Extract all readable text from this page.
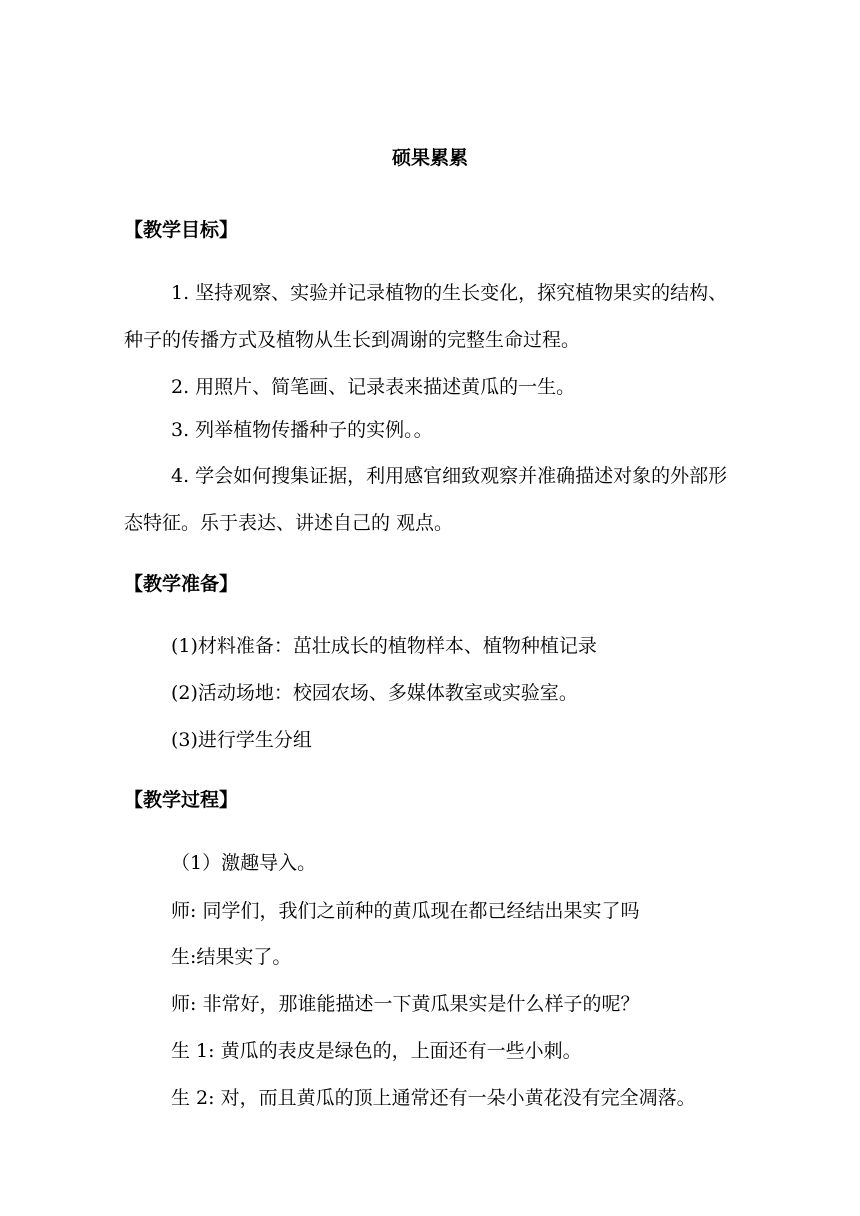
硕果累累
【教学目标】
1. 坚持观察、实验并记录植物的生长变化，探究植物果实的结构、种子的传播方式及植物从生长到凋谢的完整生命过程。
2. 用照片、简笔画、记录表来描述黄瓜的一生。
3. 列举植物传播种子的实例。。
4. 学会如何搜集证据，利用感官细致观察并准确描述对象的外部形态特征。乐于表达、讲述自己的 观点。
【教学准备】
(1)材料准备：茁壮成长的植物样本、植物种植记录
(2)活动场地：校园农场、多媒体教室或实验室。
(3)进行学生分组
【教学过程】
（1）激趣导入。
师: 同学们，我们之前种的黄瓜现在都已经结出果实了吗
生:结果实了。
师: 非常好，那谁能描述一下黄瓜果实是什么样子的呢？
生 1: 黄瓜的表皮是绿色的，上面还有一些小刺。
生 2: 对，而且黄瓜的顶上通常还有一朵小黄花没有完全凋落。
